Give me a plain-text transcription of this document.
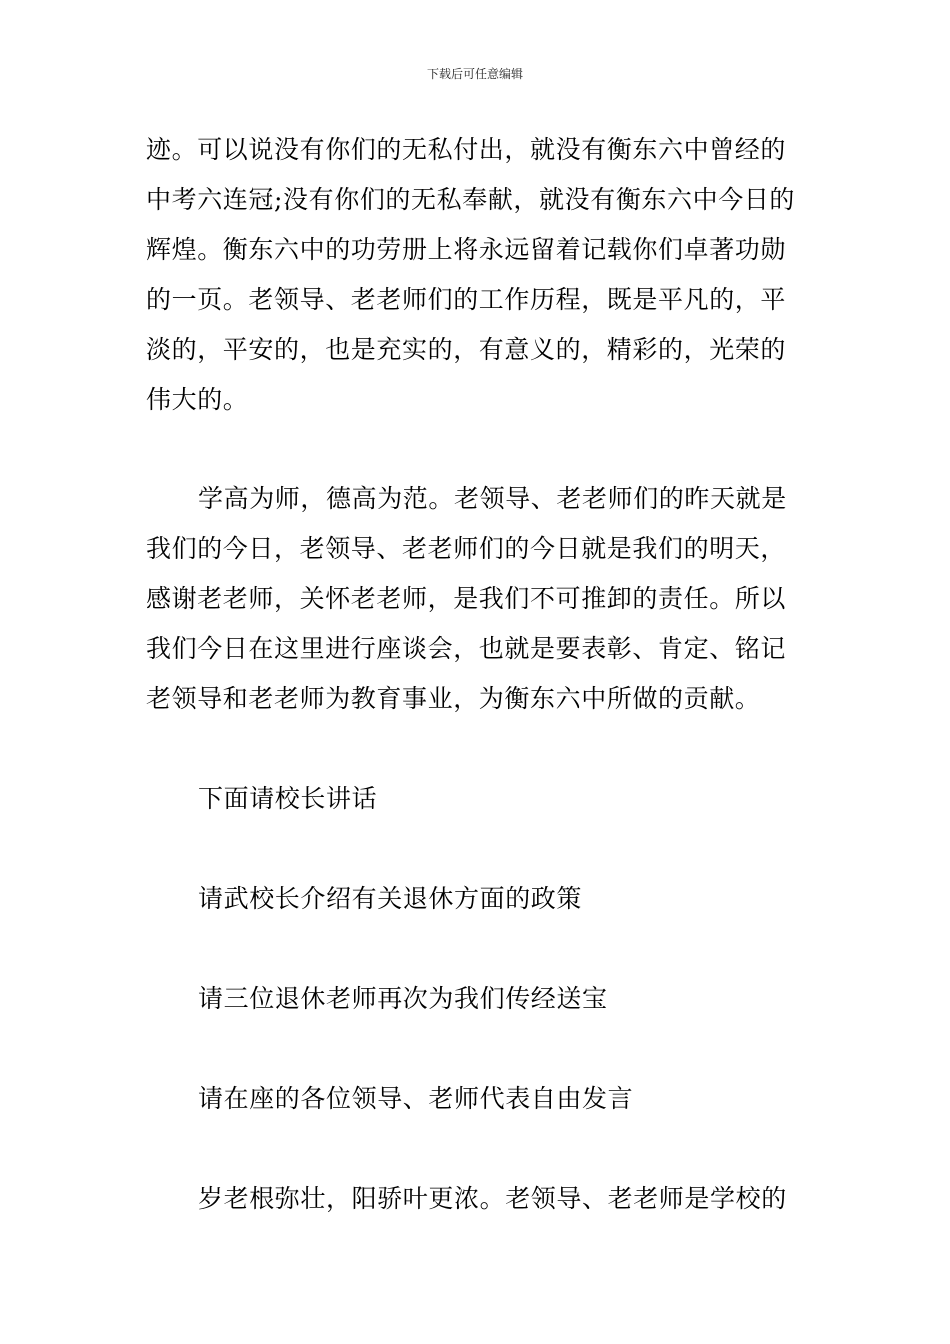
下载后可任意编辑
迹。可以说没有你们的无私付出，就没有衡东六中曾经的
中考六连冠;没有你们的无私奉献，就没有衡东六中今日的
辉煌。衡东六中的功劳册上将永远留着记载你们卓著功勋
的一页。老领导、老老师们的工作历程，既是平凡的，平
淡的，平安的，也是充实的，有意义的，精彩的，光荣的
伟大的。
学高为师，德高为范。老领导、老老师们的昨天就是
我们的今日，老领导、老老师们的今日就是我们的明天，
感谢老老师，关怀老老师，是我们不可推卸的责任。所以
我们今日在这里进行座谈会，也就是要表彰、肯定、铭记
老领导和老老师为教育事业，为衡东六中所做的贡献。
下面请校长讲话
请武校长介绍有关退休方面的政策
请三位退休老师再次为我们传经送宝
请在座的各位领导、老师代表自由发言
岁老根弥壮，阳骄叶更浓。老领导、老老师是学校的
